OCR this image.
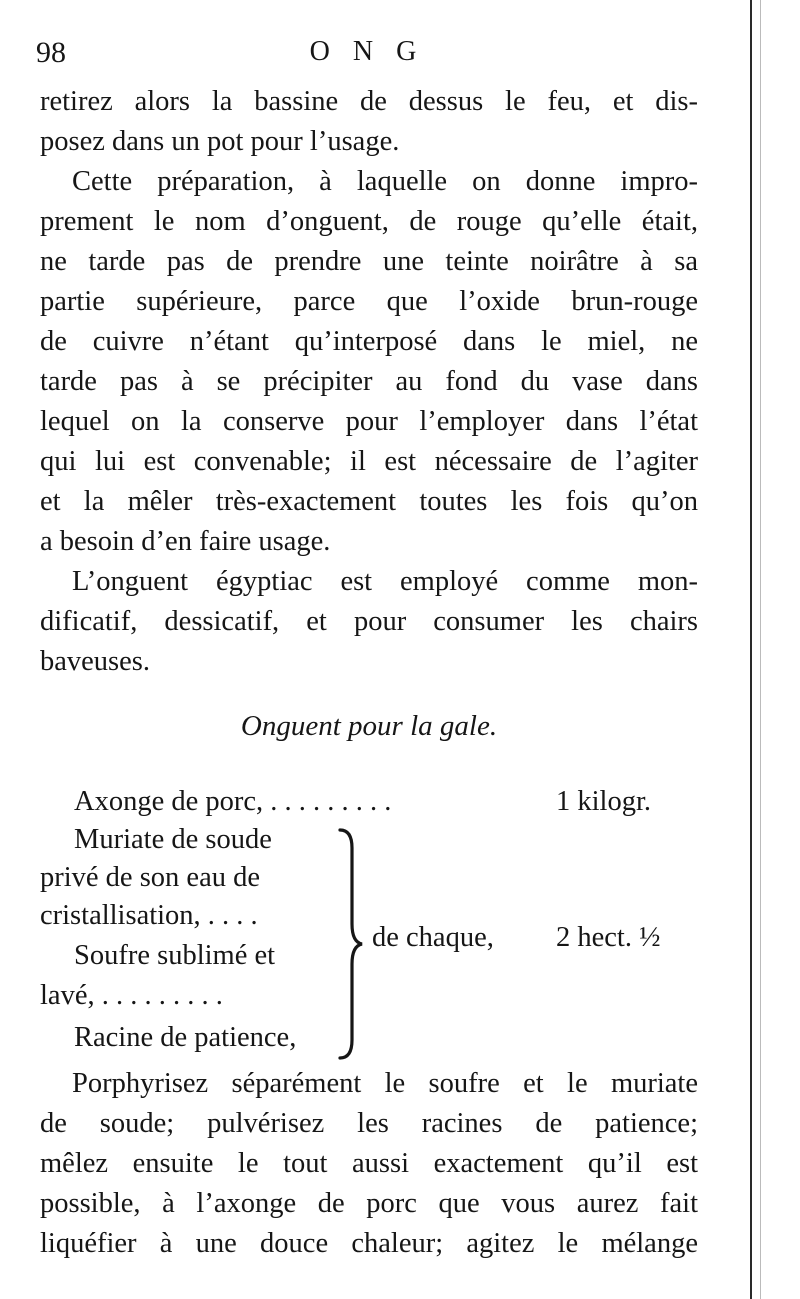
98	O N G
retirez alors la bassine de dessus le feu, et dis-
posez dans un pot pour l’usage.
Cette préparation, à laquelle on donne impro-
prement le nom d’onguent, de rouge qu’elle était,
ne tarde pas de prendre une teinte noirâtre à sa
partie supérieure, parce que l’oxide brun-rouge
de cuivre n’étant qu’interposé dans le miel, ne
tarde pas à se précipiter au fond du vase dans
lequel on la conserve pour l’employer dans l’état
qui lui est convenable; il est nécessaire de l’agiter
et la mêler très-exactement toutes les fois qu’on
a besoin d’en faire usage.
L’onguent égyptiac est employé comme mon-
dificatif, dessicatif, et pour consumer les chairs
baveuses.
Onguent pour la gale.
Axonge de porc, . . . . . . . . .	1 kilogr.
Muriate de soude
privé de son eau de
cristallisation, . . . .
Soufre sublimé et
lavé, . . . . . . . . .
Racine de patience,
de chaque, 2 hect. ½
Porphyrisez séparément le soufre et le muriate
de soude; pulvérisez les racines de patience;
mêlez ensuite le tout aussi exactement qu’il est
possible, à l’axonge de porc que vous aurez fait
liquéfier à une douce chaleur; agitez le mélange
